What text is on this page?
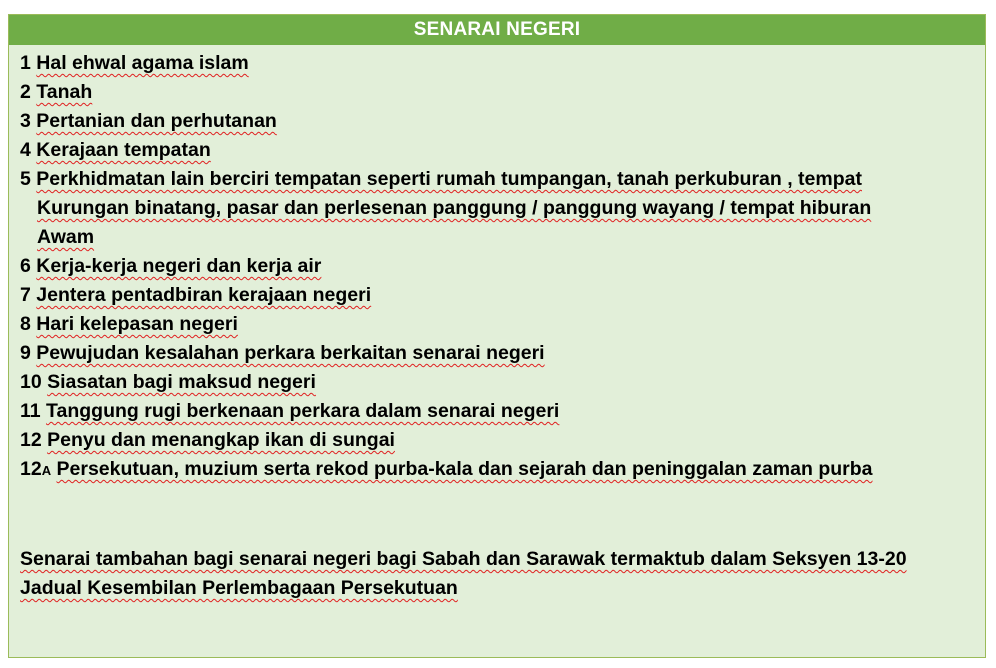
SENARAI NEGERI
1 Hal ehwal agama islam
2 Tanah
3 Pertanian dan perhutanan
4 Kerajaan tempatan
5 Perkhidmatan lain berciri tempatan seperti rumah tumpangan, tanah perkuburan , tempat
Kurungan binatang, pasar dan perlesenan panggung / panggung wayang / tempat hiburan
Awam
6 Kerja-kerja negeri dan kerja air
7 Jentera pentadbiran kerajaan negeri
8 Hari kelepasan negeri
9 Pewujudan kesalahan perkara berkaitan senarai negeri
10 Siasatan bagi maksud negeri
11 Tanggung rugi berkenaan perkara dalam senarai negeri
12 Penyu dan menangkap ikan di sungai
12A Persekutuan, muzium serta rekod purba-kala dan sejarah dan peninggalan zaman purba
Senarai tambahan bagi senarai negeri bagi Sabah dan Sarawak termaktub dalam Seksyen 13-20
Jadual Kesembilan Perlembagaan Persekutuan
